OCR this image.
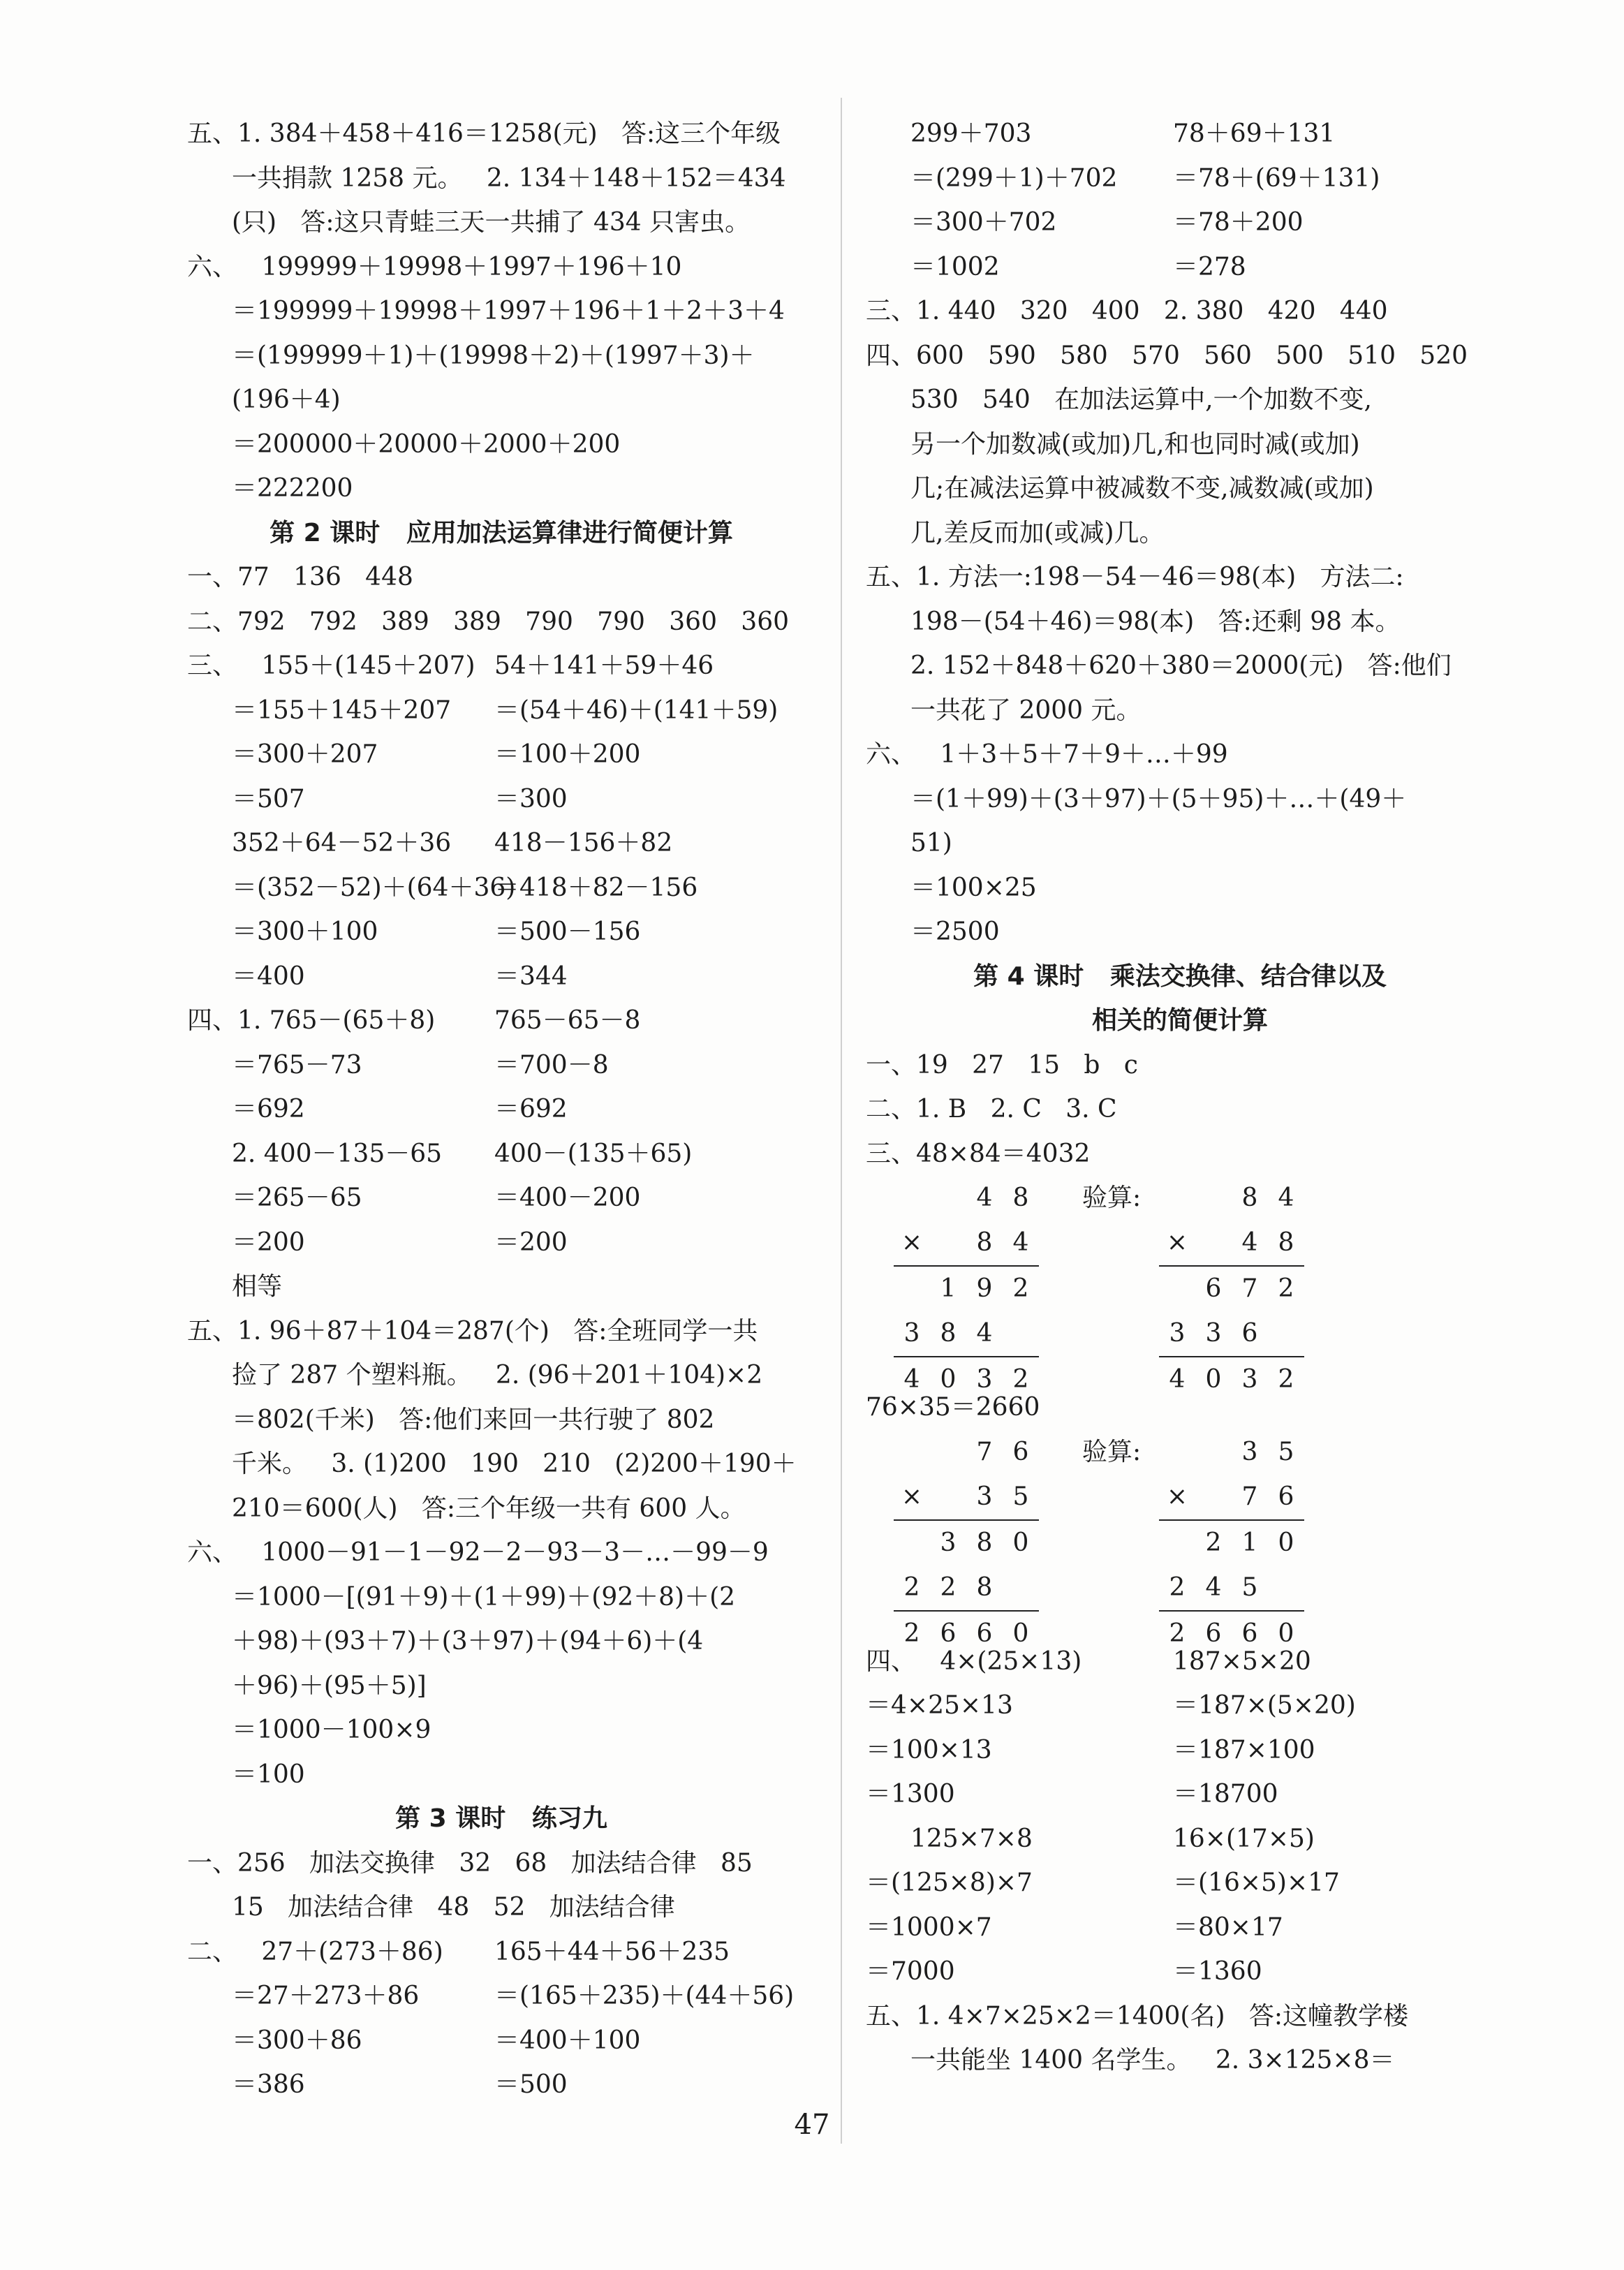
五、1. 384＋458＋416＝1258(元)   答:这三个年级
一共捐款 1258 元。   2. 134＋148＋152＝434
(只)   答:这只青蛙三天一共捕了 434 只害虫。
六、   199999＋19998＋1997＋196＋10
＝199999＋19998＋1997＋196＋1＋2＋3＋4
＝(199999＋1)＋(19998＋2)＋(1997＋3)＋
(196＋4)
＝200000＋20000＋2000＋200
＝222200
第 2 课时   应用加法运算律进行简便计算
一、77   136   448
二、792   792   389   389   790   790   360   360
三、   155＋(145＋207)
＝155＋145＋207
＝300＋207
＝507
54＋141＋59＋46
＝(54＋46)＋(141＋59)
＝100＋200
＝300
352＋64－52＋36
＝(352－52)＋(64＋36)
＝300＋100
＝400
418－156＋82
＝418＋82－156
＝500－156
＝344
四、1. 765－(65＋8)
＝765－73
＝692
765－65－8
＝700－8
＝692
2. 400－135－65
＝265－65
＝200
400－(135＋65)
＝400－200
＝200
相等
五、1. 96＋87＋104＝287(个)   答:全班同学一共
捡了 287 个塑料瓶。   2. (96＋201＋104)×2
＝802(千米)   答:他们来回一共行驶了 802
千米。   3. (1)200   190   210   (2)200＋190＋
210＝600(人)   答:三个年级一共有 600 人。
六、   1000－91－1－92－2－93－3－…－99－9
＝1000－[(91＋9)＋(1＋99)＋(92＋8)＋(2
＋98)＋(93＋7)＋(3＋97)＋(94＋6)＋(4
＋96)＋(95＋5)]
＝1000－100×9
＝100
第 3 课时   练习九
一、256   加法交换律   32   68   加法结合律   85
15   加法结合律   48   52   加法结合律
二、   27＋(273＋86)
＝27＋273＋86
＝300＋86
＝386
165＋44＋56＋235
＝(165＋235)＋(44＋56)
＝400＋100
＝500
299＋703
＝(299＋1)＋702
＝300＋702
＝1002
78＋69＋131
＝78＋(69＋131)
＝78＋200
＝278
三、1. 440   320   400   2. 380   420   440
四、600   590   580   570   560   500   510   520
530   540   在加法运算中,一个加数不变,
另一个加数减(或加)几,和也同时减(或加)
几;在减法运算中被减数不变,减数减(或加)
几,差反而加(或减)几。
五、1. 方法一:198－54－46＝98(本)   方法二:
198－(54＋46)＝98(本)   答:还剩 98 本。
2. 152＋848＋620＋380＝2000(元)   答:他们
一共花了 2000 元。
六、   1＋3＋5＋7＋9＋…＋99
＝(1＋99)＋(3＋97)＋(5＋95)＋…＋(49＋
51)
＝100×25
＝2500
第 4 课时   乘法交换律、结合律以及
相关的简便计算
一、19   27   15   b   c
二、1. B   2. C   3. C
三、48×84＝4032
4 8
×	8 4
1 9 2
3 8 4
4 0 3 2
验算:	8 4
×	4 8
6 7 2
3 3 6
4 0 3 2
76×35＝2660
7 6
×	3 5
3 8 0
2 2 8
2 6 6 0
验算:	3 5
×	7 6
2 1 0
2 4 5
2 6 6 0
四、   4×(25×13)
＝4×25×13
＝100×13
＝1300
187×5×20
＝187×(5×20)
＝187×100
＝18700
125×7×8
＝(125×8)×7
＝1000×7
＝7000
16×(17×5)
＝(16×5)×17
＝80×17
＝1360
五、1. 4×7×25×2＝1400(名)   答:这幢教学楼
一共能坐 1400 名学生。   2. 3×125×8＝
47
